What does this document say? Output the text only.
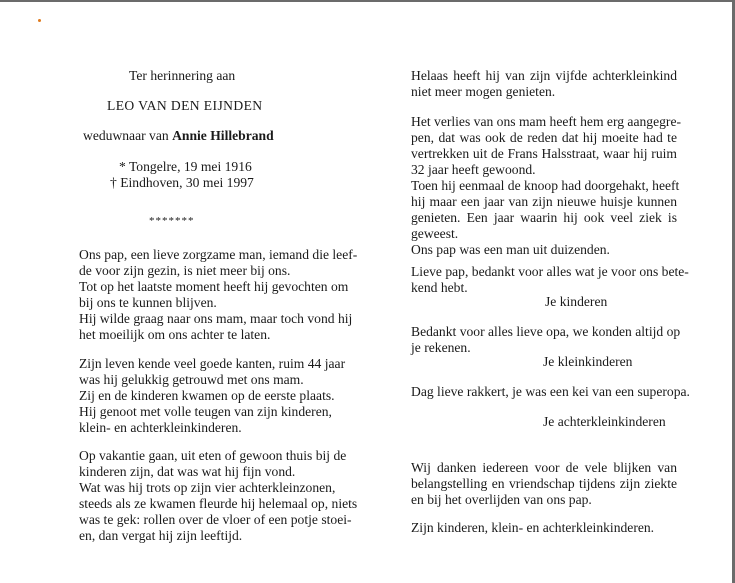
Ter herinnering aan
LEO VAN DEN EIJNDEN
weduwnaar van Annie Hillebrand
* Tongelre, 19 mei 1916
† Eindhoven, 30 mei 1997
*******
Ons pap, een lieve zorgzame man, iemand die leef-
de voor zijn gezin, is niet meer bij ons.
Tot op het laatste moment heeft hij gevochten om
bij ons te kunnen blijven.
Hij wilde graag naar ons mam, maar toch vond hij
het moeilijk om ons achter te laten.
Zijn leven kende veel goede kanten, ruim 44 jaar
was hij gelukkig getrouwd met ons mam.
Zij en de kinderen kwamen op de eerste plaats.
Hij genoot met volle teugen van zijn kinderen,
klein- en achterkleinkinderen.
Op vakantie gaan, uit eten of gewoon thuis bij de
kinderen zijn, dat was wat hij fijn vond.
Wat was hij trots op zijn vier achterkleinzonen,
steeds als ze kwamen fleurde hij helemaal op, niets
was te gek: rollen over de vloer of een potje stoei-
en, dan vergat hij zijn leeftijd.
Helaas heeft hij van zijn vijfde achterkleinkind
niet meer mogen genieten.
Het verlies van ons mam heeft hem erg aangegre-
pen, dat was ook de reden dat hij moeite had te
vertrekken uit de Frans Halsstraat, waar hij ruim
32 jaar heeft gewoond.
Toen hij eenmaal de knoop had doorgehakt, heeft
hij maar een jaar van zijn nieuwe huisje kunnen
genieten. Een jaar waarin hij ook veel ziek is
geweest.
Ons pap was een man uit duizenden.
Lieve pap, bedankt voor alles wat je voor ons bete-
kend hebt.
Je kinderen
Bedankt voor alles lieve opa, we konden altijd op
je rekenen.
Je kleinkinderen
Dag lieve rakkert, je was een kei van een superopa.
Je achterkleinkinderen
Wij danken iedereen voor de vele blijken van
belangstelling en vriendschap tijdens zijn ziekte
en bij het overlijden van ons pap.
Zijn kinderen, klein- en achterkleinkinderen.
